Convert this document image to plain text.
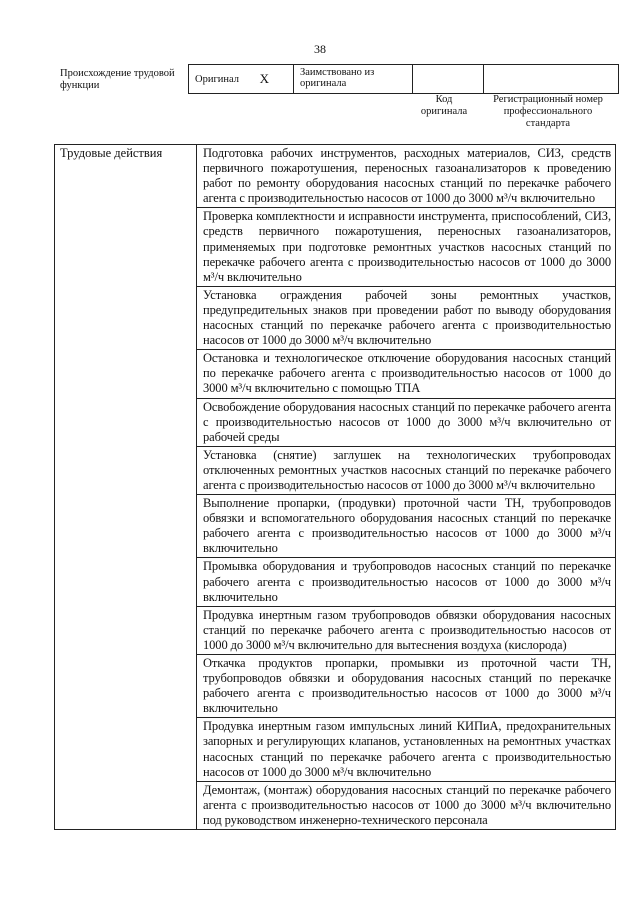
38
Происхождение трудовой функции
Оригинал X	Заимствовано из оригинала		
Код оригинала
Регистрационный номер профессионального стандарта
Трудовые действия	Подготовка рабочих инструментов, расходных материалов, СИЗ, средств первичного пожаротушения, переносных газоанализаторов к проведению работ по ремонту оборудования насосных станций по перекачке рабочего агента с производительностью насосов от 1000 до 3000 м³/ч включительно
Проверка комплектности и исправности инструмента, приспособлений, СИЗ, средств первичного пожаротушения, переносных газоанализаторов, применяемых при подготовке ремонтных участков насосных станций по перекачке рабочего агента с производительностью насосов от 1000 до 3000 м³/ч включительно
Установка ограждения рабочей зоны ремонтных участков, предупредительных знаков при проведении работ по выводу оборудования насосных станций по перекачке рабочего агента с производительностью насосов от 1000 до 3000 м³/ч включительно
Остановка и технологическое отключение оборудования насосных станций по перекачке рабочего агента с производительностью насосов от 1000 до 3000 м³/ч включительно с помощью ТПА
Освобождение оборудования насосных станций по перекачке рабочего агента с производительностью насосов от 1000 до 3000 м³/ч включительно от рабочей среды
Установка (снятие) заглушек на технологических трубопроводах отключенных ремонтных участков насосных станций по перекачке рабочего агента с производительностью насосов от 1000 до 3000 м³/ч включительно
Выполнение пропарки, (продувки) проточной части ТН, трубопроводов обвязки и вспомогательного оборудования насосных станций по перекачке рабочего агента с производительностью насосов от 1000 до 3000 м³/ч включительно
Промывка оборудования и трубопроводов насосных станций по перекачке рабочего агента с производительностью насосов от 1000 до 3000 м³/ч включительно
Продувка инертным газом трубопроводов обвязки оборудования насосных станций по перекачке рабочего агента с производительностью насосов от 1000 до 3000 м³/ч включительно для вытеснения воздуха (кислорода)
Откачка продуктов пропарки, промывки из проточной части ТН, трубопроводов обвязки и оборудования насосных станций по перекачке рабочего агента с производительностью насосов от 1000 до 3000 м³/ч включительно
Продувка инертным газом импульсных линий КИПиА, предохранительных запорных и регулирующих клапанов, установленных на ремонтных участках насосных станций по перекачке рабочего агента с производительностью насосов от 1000 до 3000 м³/ч включительно
Демонтаж, (монтаж) оборудования насосных станций по перекачке рабочего агента с производительностью насосов от 1000 до 3000 м³/ч включительно под руководством инженерно-технического персонала
